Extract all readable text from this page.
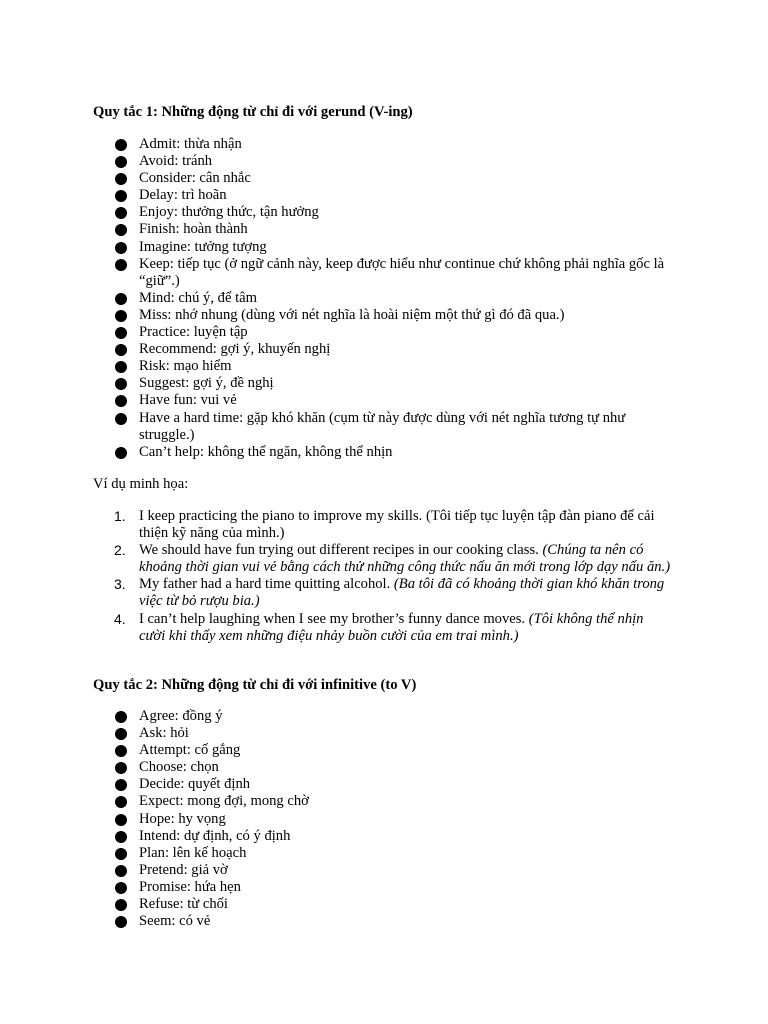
Quy tắc 1: Những động từ chỉ đi với gerund (V-ing)

Admit: thừa nhận
Avoid: tránh
Consider: cân nhắc
Delay: trì hoãn
Enjoy: thưởng thức, tận hưởng
Finish: hoàn thành
Imagine: tưởng tượng
Keep: tiếp tục (ở ngữ cảnh này, keep được hiểu như continue chứ không phải nghĩa gốc là “giữ”.)
Mind: chú ý, để tâm
Miss: nhớ nhung (dùng với nét nghĩa là hoài niệm một thứ gì đó đã qua.)
Practice: luyện tập
Recommend: gợi ý, khuyến nghị
Risk: mạo hiểm
Suggest: gợi ý, đề nghị
Have fun: vui vẻ
Have a hard time: gặp khó khăn (cụm từ này được dùng với nét nghĩa tương tự như struggle.)
Can’t help: không thể ngăn, không thể nhịn

Ví dụ minh họa:

1. I keep practicing the piano to improve my skills. (Tôi tiếp tục luyện tập đàn piano để cải thiện kỹ năng của mình.)
2. We should have fun trying out different recipes in our cooking class. (Chúng ta nên có khoảng thời gian vui vẻ bằng cách thử những công thức nấu ăn mới trong lớp dạy nấu ăn.)
3. My father had a hard time quitting alcohol. (Ba tôi đã có khoảng thời gian khó khăn trong việc từ bỏ rượu bia.)
4. I can’t help laughing when I see my brother’s funny dance moves. (Tôi không thể nhịn cười khi thấy xem những điệu nhảy buồn cười của em trai mình.)

Quy tắc 2: Những động từ chỉ đi với infinitive (to V)

Agree: đồng ý
Ask: hỏi
Attempt: cố gắng
Choose: chọn
Decide: quyết định
Expect: mong đợi, mong chờ
Hope: hy vọng
Intend: dự định, có ý định
Plan: lên kế hoạch
Pretend: giả vờ
Promise: hứa hẹn
Refuse: từ chối
Seem: có vẻ
